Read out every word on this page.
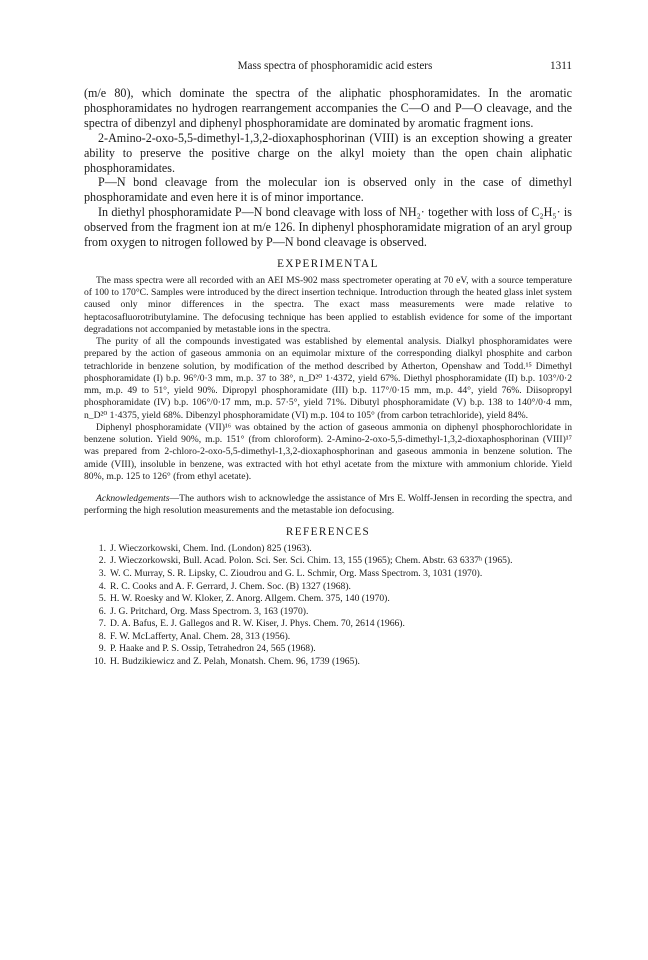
Mass spectra of phosphoramidic acid esters	1311

(m/e 80), which dominate the spectra of the aliphatic phosphoramidates. In the aromatic phosphoramidates no hydrogen rearrangement accompanies the C—O and P—O cleavage, and the spectra of dibenzyl and diphenyl phosphoramidate are dominated by aromatic fragment ions.

2-Amino-2-oxo-5,5-dimethyl-1,3,2-dioxaphosphorinan (VIII) is an exception showing a greater ability to preserve the positive charge on the alkyl moiety than the open chain aliphatic phosphoramidates.

P—N bond cleavage from the molecular ion is observed only in the case of dimethyl phosphoramidate and even here it is of minor importance.

In diethyl phosphoramidate P—N bond cleavage with loss of NH₂· together with loss of C₂H₅· is observed from the fragment ion at m/e 126. In diphenyl phosphoramidate migration of an aryl group from oxygen to nitrogen followed by P—N bond cleavage is observed.

EXPERIMENTAL

The mass spectra were all recorded with an AEI MS-902 mass spectrometer operating at 70 eV, with a source temperature of 100 to 170°C. Samples were introduced by the direct insertion technique. Introduction through the heated glass inlet system caused only minor differences in the spectra. The exact mass measurements were made relative to heptacosafluorotributylamine. The defocusing technique has been applied to establish evidence for some of the important degradations not accompanied by metastable ions in the spectra.

The purity of all the compounds investigated was established by elemental analysis. Dialkyl phosphoramidates were prepared by the action of gaseous ammonia on an equimolar mixture of the corresponding dialkyl phosphite and carbon tetrachloride in benzene solution, by modification of the method described by Atherton, Openshaw and Todd.¹⁵ Dimethyl phosphoramidate (I) b.p. 96°/0·3 mm, m.p. 37 to 38°, n_D²⁰ 1·4372, yield 67%. Diethyl phosphoramidate (II) b.p. 103°/0·2 mm, m.p. 49 to 51°, yield 90%. Dipropyl phosphoramidate (III) b.p. 117°/0·15 mm, m.p. 44°, yield 76%. Diisopropyl phosphoramidate (IV) b.p. 106°/0·17 mm, m.p. 57·5°, yield 71%. Dibutyl phosphoramidate (V) b.p. 138 to 140°/0·4 mm, n_D²⁰ 1·4375, yield 68%. Dibenzyl phosphoramidate (VI) m.p. 104 to 105° (from carbon tetrachloride), yield 84%.

Diphenyl phosphoramidate (VII)¹⁶ was obtained by the action of gaseous ammonia on diphenyl phosphorochloridate in benzene solution. Yield 90%, m.p. 151° (from chloroform). 2-Amino-2-oxo-5,5-dimethyl-1,3,2-dioxaphosphorinan (VIII)¹⁷ was prepared from 2-chloro-2-oxo-5,5-dimethyl-1,3,2-dioxaphosphorinan and gaseous ammonia in benzene solution. The amide (VIII), insoluble in benzene, was extracted with hot ethyl acetate from the mixture with ammonium chloride. Yield 80%, m.p. 125 to 126° (from ethyl acetate).

Acknowledgements—The authors wish to acknowledge the assistance of Mrs E. Wolff-Jensen in recording the spectra, and performing the high resolution measurements and the metastable ion defocusing.

REFERENCES
1. J. Wieczorkowski, Chem. Ind. (London) 825 (1963).
2. J. Wieczorkowski, Bull. Acad. Polon. Sci. Ser. Sci. Chim. 13, 155 (1965); Chem. Abstr. 63 6337ʰ (1965).
3. W. C. Murray, S. R. Lipsky, C. Zioudrou and G. L. Schmir, Org. Mass Spectrom. 3, 1031 (1970).
4. R. C. Cooks and A. F. Gerrard, J. Chem. Soc. (B) 1327 (1968).
5. H. W. Roesky and W. Kloker, Z. Anorg. Allgem. Chem. 375, 140 (1970).
6. J. G. Pritchard, Org. Mass Spectrom. 3, 163 (1970).
7. D. A. Bafus, E. J. Gallegos and R. W. Kiser, J. Phys. Chem. 70, 2614 (1966).
8. F. W. McLafferty, Anal. Chem. 28, 313 (1956).
9. P. Haake and P. S. Ossip, Tetrahedron 24, 565 (1968).
10. H. Budzikiewicz and Z. Pelah, Monatsh. Chem. 96, 1739 (1965).
